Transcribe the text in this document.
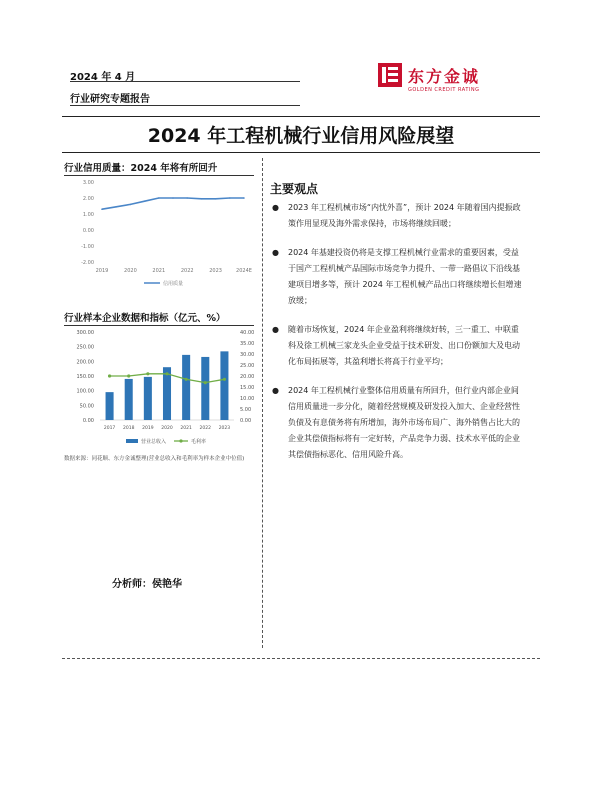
2024 年 4 月
行业研究专题报告
东方金诚
GOLDEN CREDIT RATING
2024 年工程机械行业信用风险展望
行业信用质量：2024 年将有所回升
3.00
2.00
1.00
0.00
-1.00
-2.00
2019	2020	2021	2022	2023	2024E
信用质量
行业样本企业数据和指标（亿元、%）
300.00
250.00
200.00
150.00
100.00
50.00
0.00
40.00
35.00
30.00
25.00
20.00
15.00
10.00
5.00
0.00
2017 2018 2019 2020 2021 2022 2023
营业总收入	毛利率
数据来源：同花顺、东方金诚整理(营业总收入和毛利率为样本企业中位值)
分析师：侯艳华
主要观点
● 2023 年工程机械市场“内忧外喜”，预计 2024 年随着国内提振政策作用显现及海外需求保持，市场将继续回暖；
● 2024 年基建投资仍将是支撑工程机械行业需求的重要因素，受益于国产工程机械产品国际市场竞争力提升、一带一路倡议下沿线基建项目增多等，预计 2024 年工程机械产品出口将继续增长但增速放缓；
● 随着市场恢复，2024 年企业盈利将继续好转，三一重工、中联重科及徐工机械三家龙头企业受益于技术研发、出口份额加大及电动化布局拓展等，其盈利增长将高于行业平均；
● 2024 年工程机械行业整体信用质量有所回升，但行业内部企业间信用质量进一步分化，随着经营规模及研发投入加大、企业经营性负债及有息债务将有所增加，海外市场布局广、海外销售占比大的企业其偿债指标将有一定好转，产品竞争力弱、技术水平低的企业其偿债指标恶化、信用风险升高。
